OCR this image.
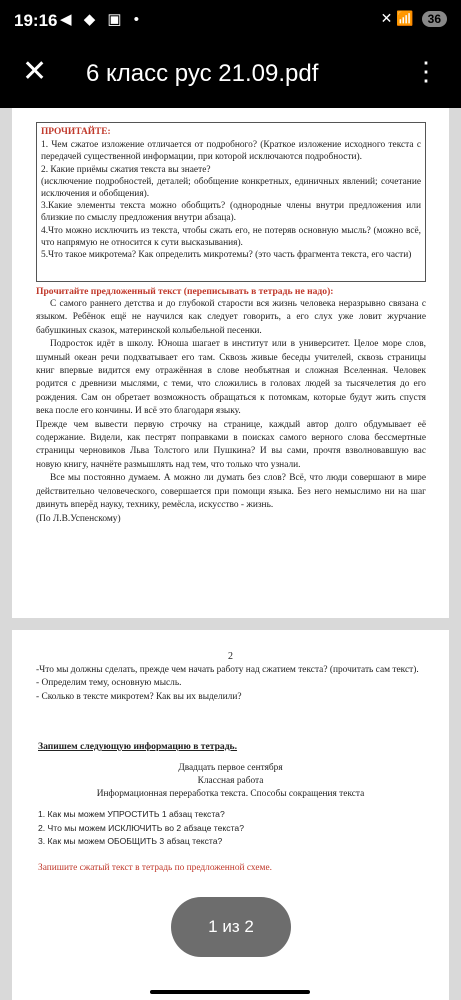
19:16 ◀ ◆ ▣ •	✕ 📶	36
✕ 6 класс рус 21.09.pdf	⋮
ПРОЧИТАЙТЕ:

1. Чем сжатое изложение отличается от подробного? (Краткое изложение исходного текста с передачей существенной информации, при которой исключаются подробности).

2. Какие приёмы сжатия текста вы знаете?

(исключение подробностей, деталей; обобщение конкретных, единичных явлений; сочетание исключения и обобщения).

3.Какие элементы текста можно обобщить? (однородные члены внутри предложения или близкие по смыслу предложения внутри абзаца).

4.Что можно исключить из текста, чтобы сжать его, не потеряв основную мысль? (можно всё, что напрямую не относится к сути высказывания).

5.Что такое микротема? Как определить микротемы? (это часть фрагмента текста, его части)

Прочитайте предложенный текст (переписывать в тетрадь не надо):

С самого раннего детства и до глубокой старости вся жизнь человека неразрывно связана с языком. Ребёнок ещё не научился как следует говорить, а его слух уже ловит журчание бабушкиных сказок, материнской колыбельной песенки.

Подросток идёт в школу. Юноша шагает в институт или в университет. Целое море слов, шумный океан речи подхватывает его там. Сквозь живые беседы учителей, сквозь страницы книг впервые видится ему отражённая в слове необъятная и сложная Вселенная. Человек родится с древнизи мыслями, с теми, что сложились в головах людей за тысячелетия до его рождения. Сам он обретает возможность обращаться к потомкам, которые будут жить спустя века после его кончины. И всё это благодаря языку.

Прежде чем вывести первую строчку на странице, каждый автор долго обдумывает её содержание. Видели, как пестрят поправками в поисках самого верного слова бессмертные страницы черновиков Льва Толстого или Пушкина? И вы сами, прочтя взволновавшую вас новую книгу, начнёте размышлять над тем, что только что узнали.

Все мы постоянно думаем. А можно ли думать без слов? Всё, что люди совершают в мире действительно человеческого, совершается при помощи языка. Без него немыслимо ни на шаг двинуть вперёд науку, технику, ремёсла, искусство - жизнь.

(По Л.В.Успенскому)

2

-Что мы должны сделать, прежде чем начать работу над сжатием текста? (прочитать сам текст).

- Определим тему, основную мысль.

- Сколько в тексте микротем? Как вы их выделили?

Запишем следующую информацию в тетрадь.
Двадцать первое сентября
Классная работа
Информационная переработка текста. Способы сокращения текста
1. Как мы можем УПРОСТИТЬ 1 абзац текста?
2. Что мы можем ИСКЛЮЧИТЬ во 2 абзаце текста?
3. Как мы можем ОБОБЩИТЬ 3 абзац текста?
Запишите сжатый текст в тетрадь по предложенной схеме.
1 из 2
